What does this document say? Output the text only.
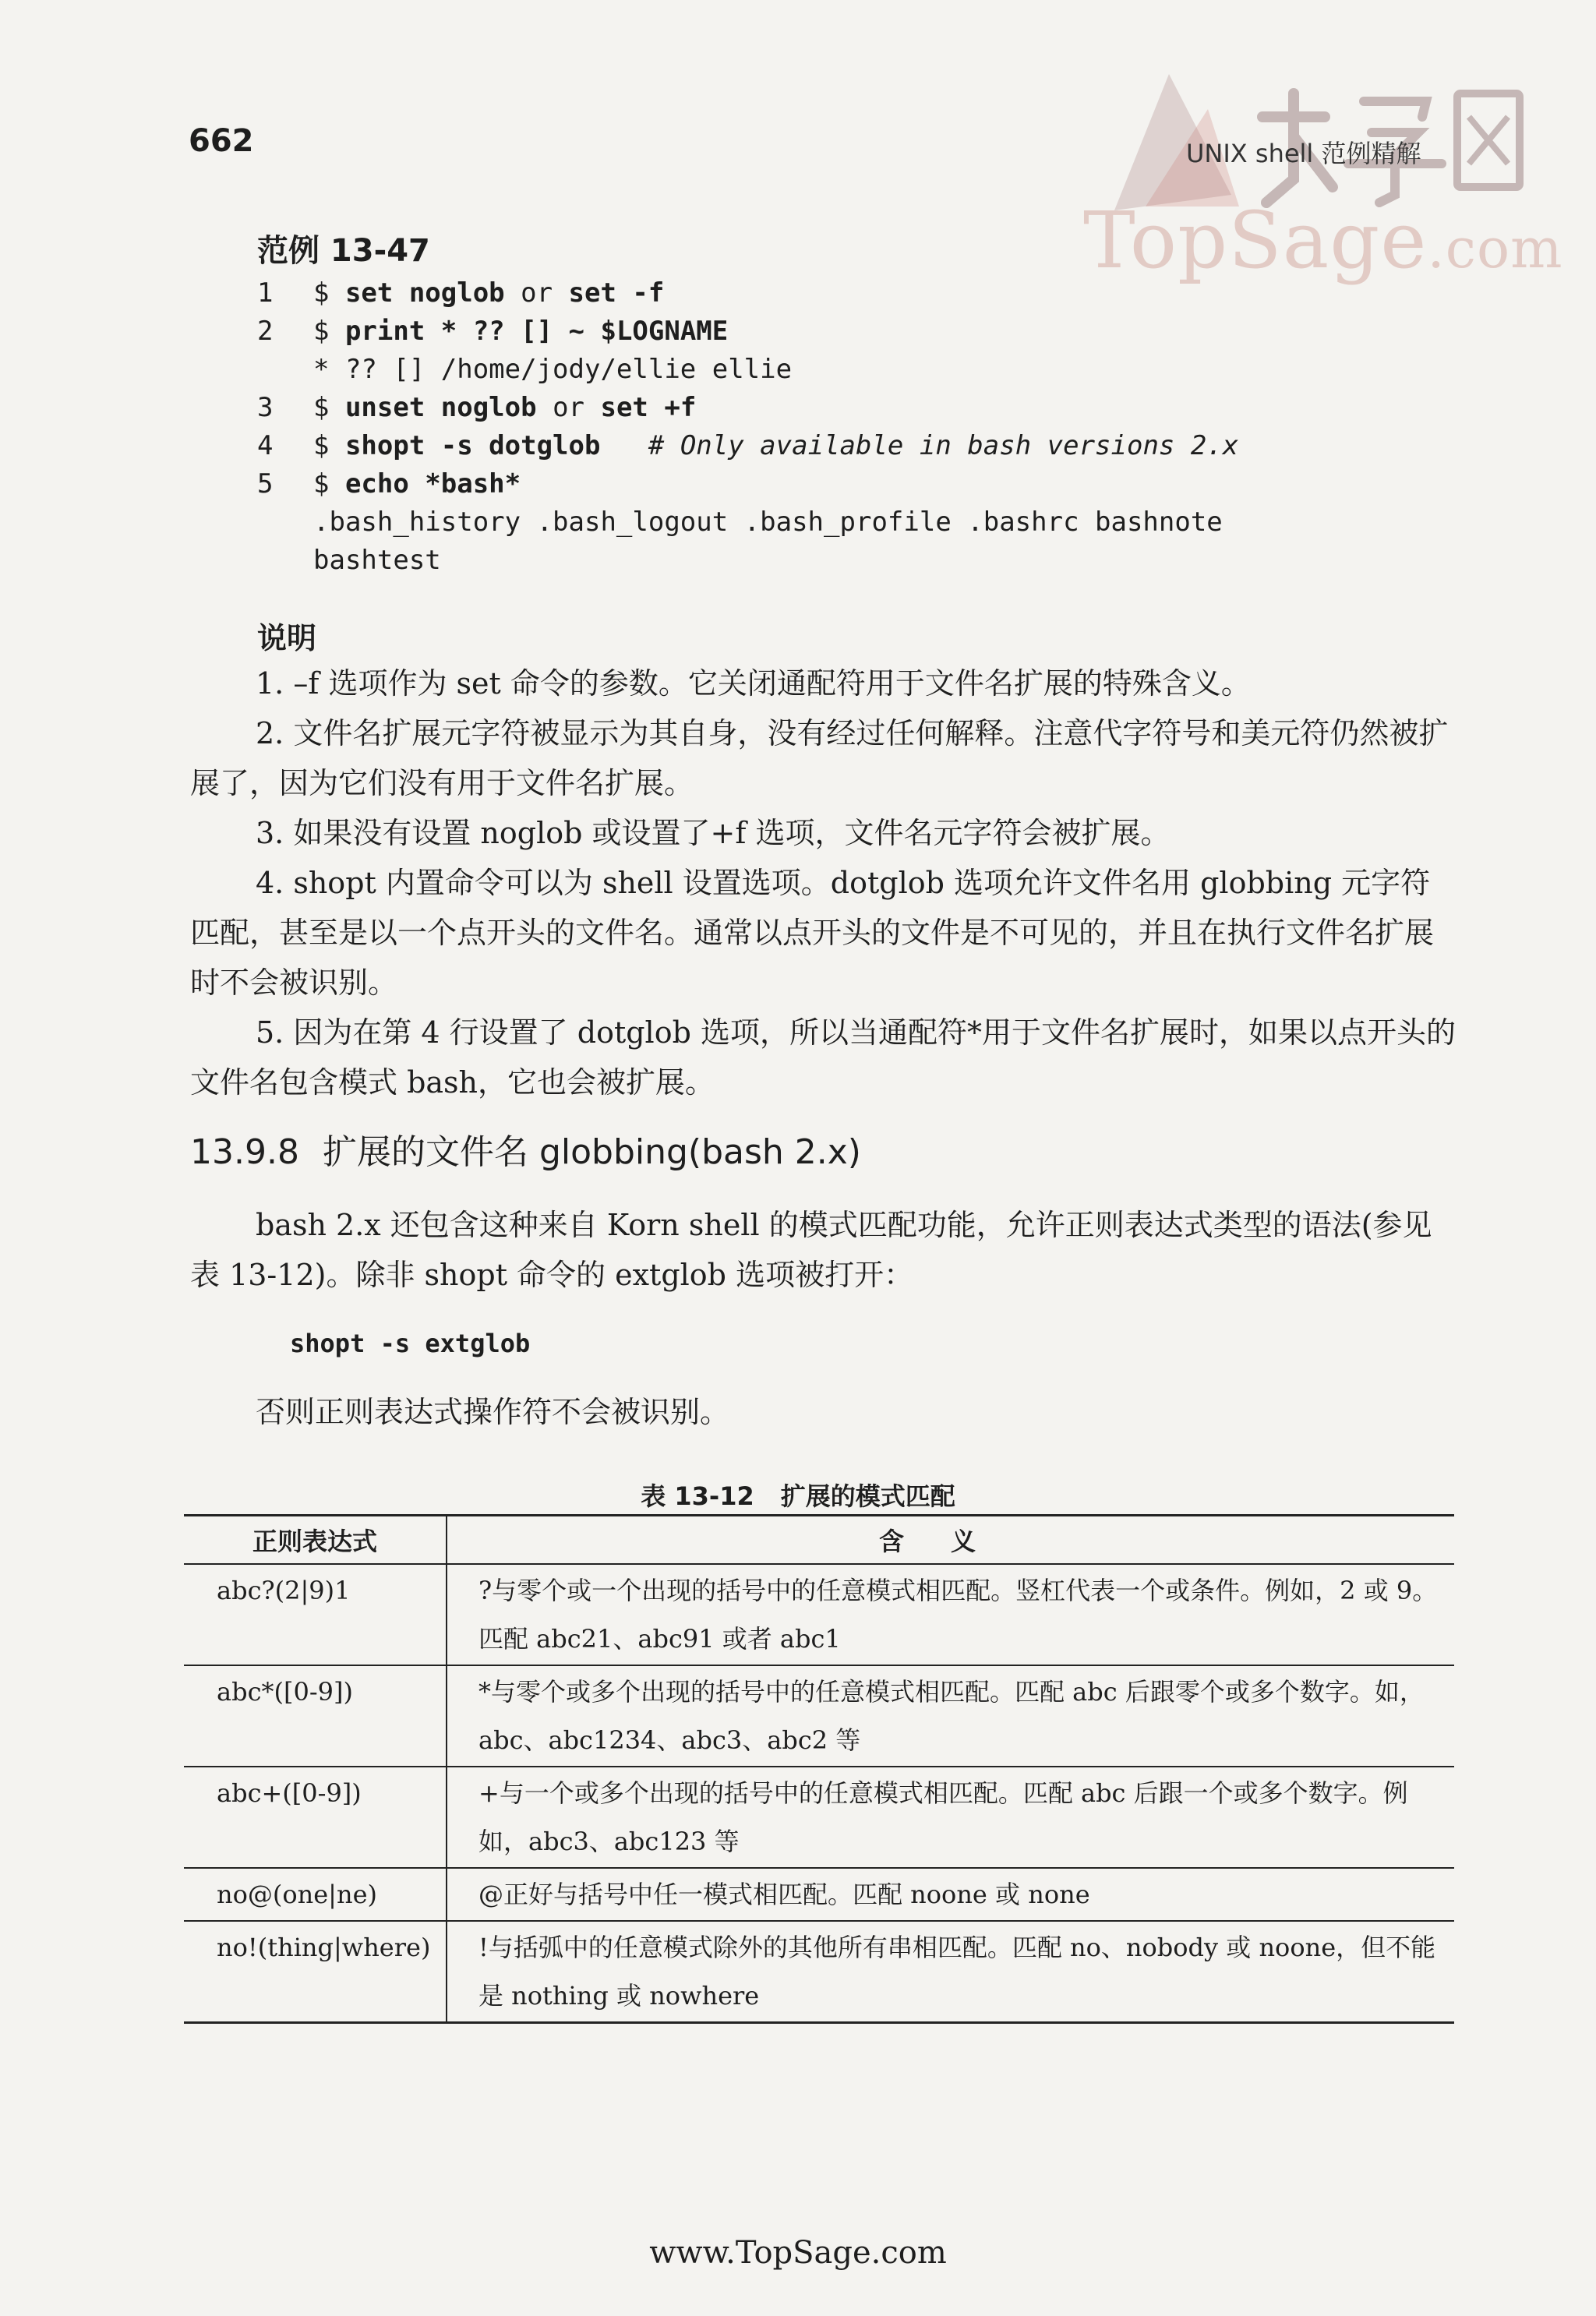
TopSage.com
662	UNIX shell 范例精解
范例 13-47
1	$ set noglob or set -f
2	$ print * ?? [] ~ $LOGNAME
* ?? [] /home/jody/ellie ellie
3	$ unset noglob or set +f
4	$ shopt -s dotglob # Only available in bash versions 2.x
5	$ echo *bash*
.bash_history .bash_logout .bash_profile .bashrc bashnote
bashtest
说明

1. –f 选项作为 set 命令的参数。它关闭通配符用于文件名扩展的特殊含义。

2. 文件名扩展元字符被显示为其自身，没有经过任何解释。注意代字符号和美元符仍然被扩展了，因为它们没有用于文件名扩展。

3. 如果没有设置 noglob 或设置了+f 选项，文件名元字符会被扩展。

4. shopt 内置命令可以为 shell 设置选项。dotglob 选项允许文件名用 globbing 元字符匹配，甚至是以一个点开头的文件名。通常以点开头的文件是不可见的，并且在执行文件名扩展时不会被识别。

5. 因为在第 4 行设置了 dotglob 选项，所以当通配符*用于文件名扩展时，如果以点开头的文件名包含模式 bash，它也会被扩展。

13.9.8 扩展的文件名 globbing(bash 2.x)

bash 2.x 还包含这种来自 Korn shell 的模式匹配功能，允许正则表达式类型的语法(参见表 13-12)。除非 shopt 命令的 extglob 选项被打开：

shopt -s extglob
否则正则表达式操作符不会被识别。
表 13-12 扩展的模式匹配
正则表达式	含义
abc?(2|9)1	?与零个或一个出现的括号中的任意模式相匹配。竖杠代表一个或条件。例如，2 或 9。匹配 abc21、abc91 或者 abc1
abc*([0-9])	*与零个或多个出现的括号中的任意模式相匹配。匹配 abc 后跟零个或多个数字。如，abc、abc1234、abc3、abc2 等
abc+([0-9])	+与一个或多个出现的括号中的任意模式相匹配。匹配 abc 后跟一个或多个数字。例如，abc3、abc123 等
no@(one|ne)	@正好与括号中任一模式相匹配。匹配 noone 或 none
no!(thing|where)	!与括弧中的任意模式除外的其他所有串相匹配。匹配 no、nobody 或 noone，但不能是 nothing 或 nowhere
www.TopSage.com
